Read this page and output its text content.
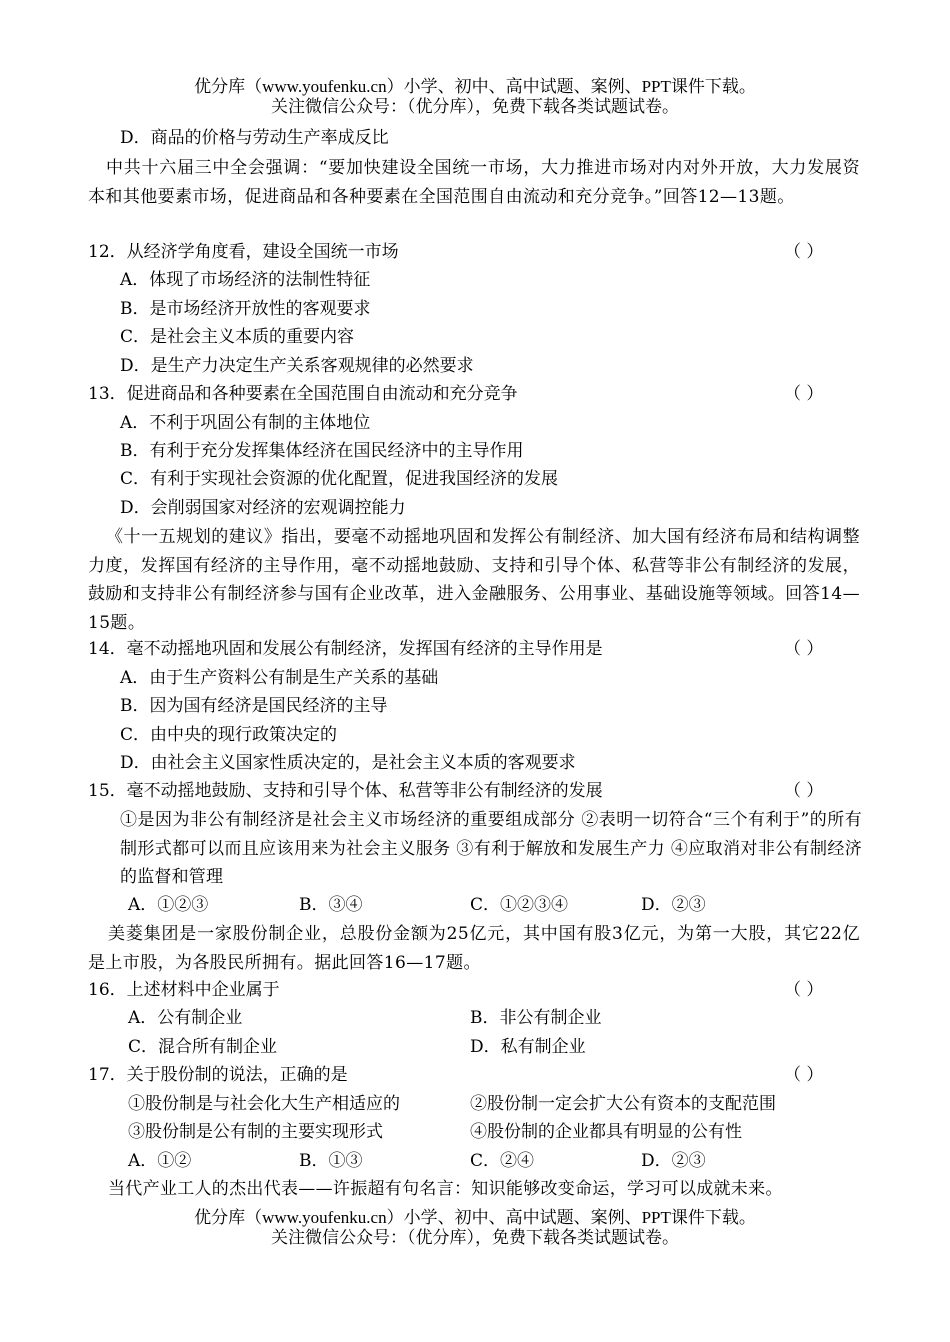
优分库（www.youfenku.cn）小学、初中、高中试题、案例、PPT课件下载。
关注微信公众号：（优分库），免费下载各类试题试卷。
D．商品的价格与劳动生产率成反比
中共十六届三中全会强调：“要加快建设全国统一市场，大力推进市场对内对外开放，大力发展资本和其他要素市场，促进商品和各种要素在全国范围自由流动和充分竞争。”回答12—13题。
12．从经济学角度看，建设全国统一市场	（ ）
A．体现了市场经济的法制性特征
B．是市场经济开放性的客观要求
C．是社会主义本质的重要内容
D．是生产力决定生产关系客观规律的必然要求
13．促进商品和各种要素在全国范围自由流动和充分竞争	（ ）
A．不利于巩固公有制的主体地位
B．有利于充分发挥集体经济在国民经济中的主导作用
C．有利于实现社会资源的优化配置，促进我国经济的发展
D．会削弱国家对经济的宏观调控能力
《十一五规划的建议》指出，要毫不动摇地巩固和发挥公有制经济、加大国有经济布局和结构调整力度，发挥国有经济的主导作用，毫不动摇地鼓励、支持和引导个体、私营等非公有制经济的发展，鼓励和支持非公有制经济参与国有企业改革，进入金融服务、公用事业、基础设施等领域。回答14—15题。
14．毫不动摇地巩固和发展公有制经济，发挥国有经济的主导作用是	（ ）
A．由于生产资料公有制是生产关系的基础
B．因为国有经济是国民经济的主导
C．由中央的现行政策决定的
D．由社会主义国家性质决定的，是社会主义本质的客观要求
15．毫不动摇地鼓励、支持和引导个体、私营等非公有制经济的发展	（ ）
①是因为非公有制经济是社会主义市场经济的重要组成部分 ②表明一切符合“三个有利于”的所有制形式都可以而且应该用来为社会主义服务 ③有利于解放和发展生产力 ④应取消对非公有制经济的监督和管理
A．①②③	B．③④	C．①②③④	D．②③
美菱集团是一家股份制企业，总股份金额为25亿元，其中国有股3亿元，为第一大股，其它22亿是上市股，为各股民所拥有。据此回答16—17题。
16．上述材料中企业属于	（ ）
A．公有制企业	B．非公有制企业
C．混合所有制企业	D．私有制企业
17．关于股份制的说法，正确的是	（ ）
①股份制是与社会化大生产相适应的	②股份制一定会扩大公有资本的支配范围
③股份制是公有制的主要实现形式	④股份制的企业都具有明显的公有性
A．①②	B．①③	C．②④	D．②③
当代产业工人的杰出代表——许振超有句名言：知识能够改变命运，学习可以成就未来。
优分库（www.youfenku.cn）小学、初中、高中试题、案例、PPT课件下载。
关注微信公众号：（优分库），免费下载各类试题试卷。
